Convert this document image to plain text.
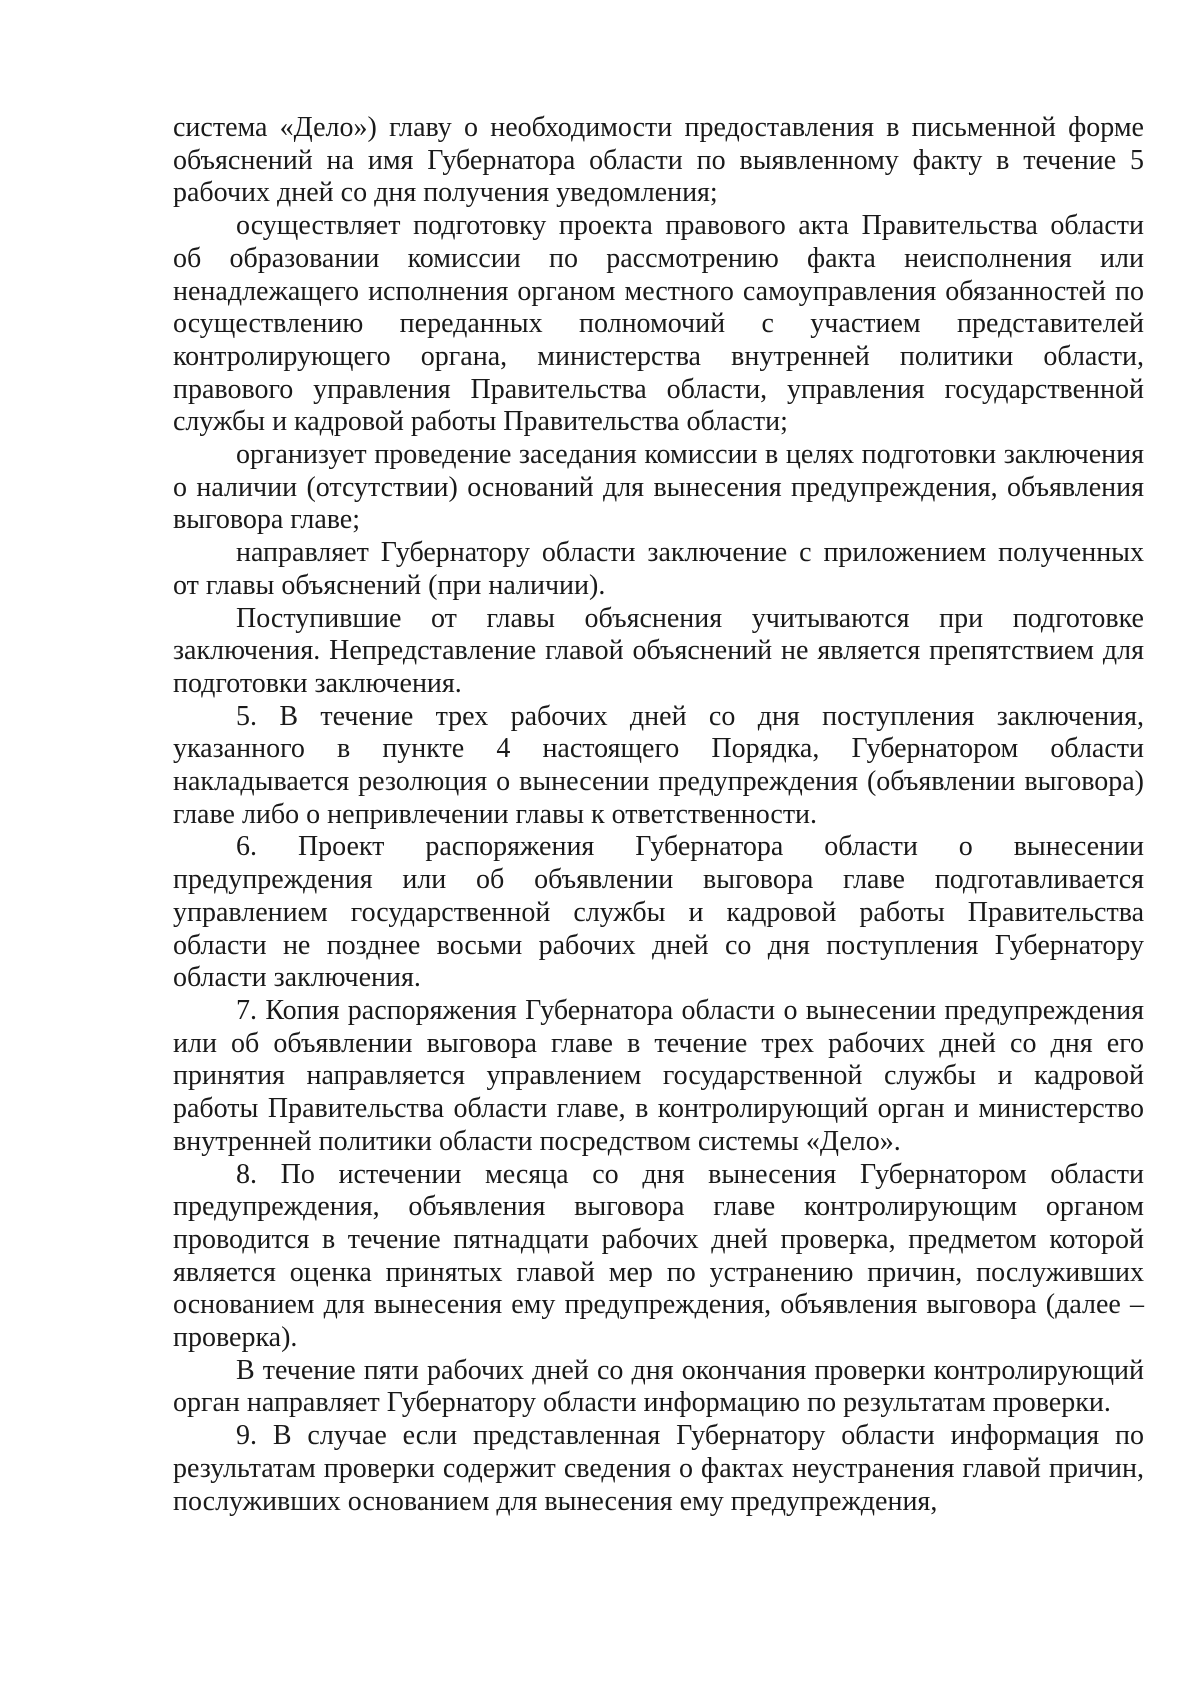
система «Дело») главу о необходимости предоставления в письменной форме объяснений на имя Губернатора области по выявленному факту в течение 5 рабочих дней со дня получения уведомления;

осуществляет подготовку проекта правового акта Правительства области об образовании комиссии по рассмотрению факта неисполнения или ненадлежащего исполнения органом местного самоуправления обязанностей по осуществлению переданных полномочий с участием представителей контролирующего органа, министерства внутренней политики области, правового управления Правительства области, управления государственной службы и кадровой работы Правительства области;

организует проведение заседания комиссии в целях подготовки заключения о наличии (отсутствии) оснований для вынесения предупреждения, объявления выговора главе;

направляет Губернатору области заключение с приложением полученных от главы объяснений (при наличии).

Поступившие от главы объяснения учитываются при подготовке заключения. Непредставление главой объяснений не является препятствием для подготовки заключения.

5. В течение трех рабочих дней со дня поступления заключения, указанного в пункте 4 настоящего Порядка, Губернатором области накладывается резолюция о вынесении предупреждения (объявлении выговора) главе либо о непривлечении главы к ответственности.

6. Проект распоряжения Губернатора области о вынесении предупреждения или об объявлении выговора главе подготавливается управлением государственной службы и кадровой работы Правительства области не позднее восьми рабочих дней со дня поступления Губернатору области заключения.

7. Копия распоряжения Губернатора области о вынесении предупреждения или об объявлении выговора главе в течение трех рабочих дней со дня его принятия направляется управлением государственной службы и кадровой работы Правительства области главе, в контролирующий орган и министерство внутренней политики области посредством системы «Дело».

8. По истечении месяца со дня вынесения Губернатором области предупреждения, объявления выговора главе контролирующим органом проводится в течение пятнадцати рабочих дней проверка, предметом которой является оценка принятых главой мер по устранению причин, послуживших основанием для вынесения ему предупреждения, объявления выговора (далее – проверка).

В течение пяти рабочих дней со дня окончания проверки контролирующий орган направляет Губернатору области информацию по результатам проверки.

9. В случае если представленная Губернатору области информация по результатам проверки содержит сведения о фактах неустранения главой причин, послуживших основанием для вынесения ему предупреждения,
